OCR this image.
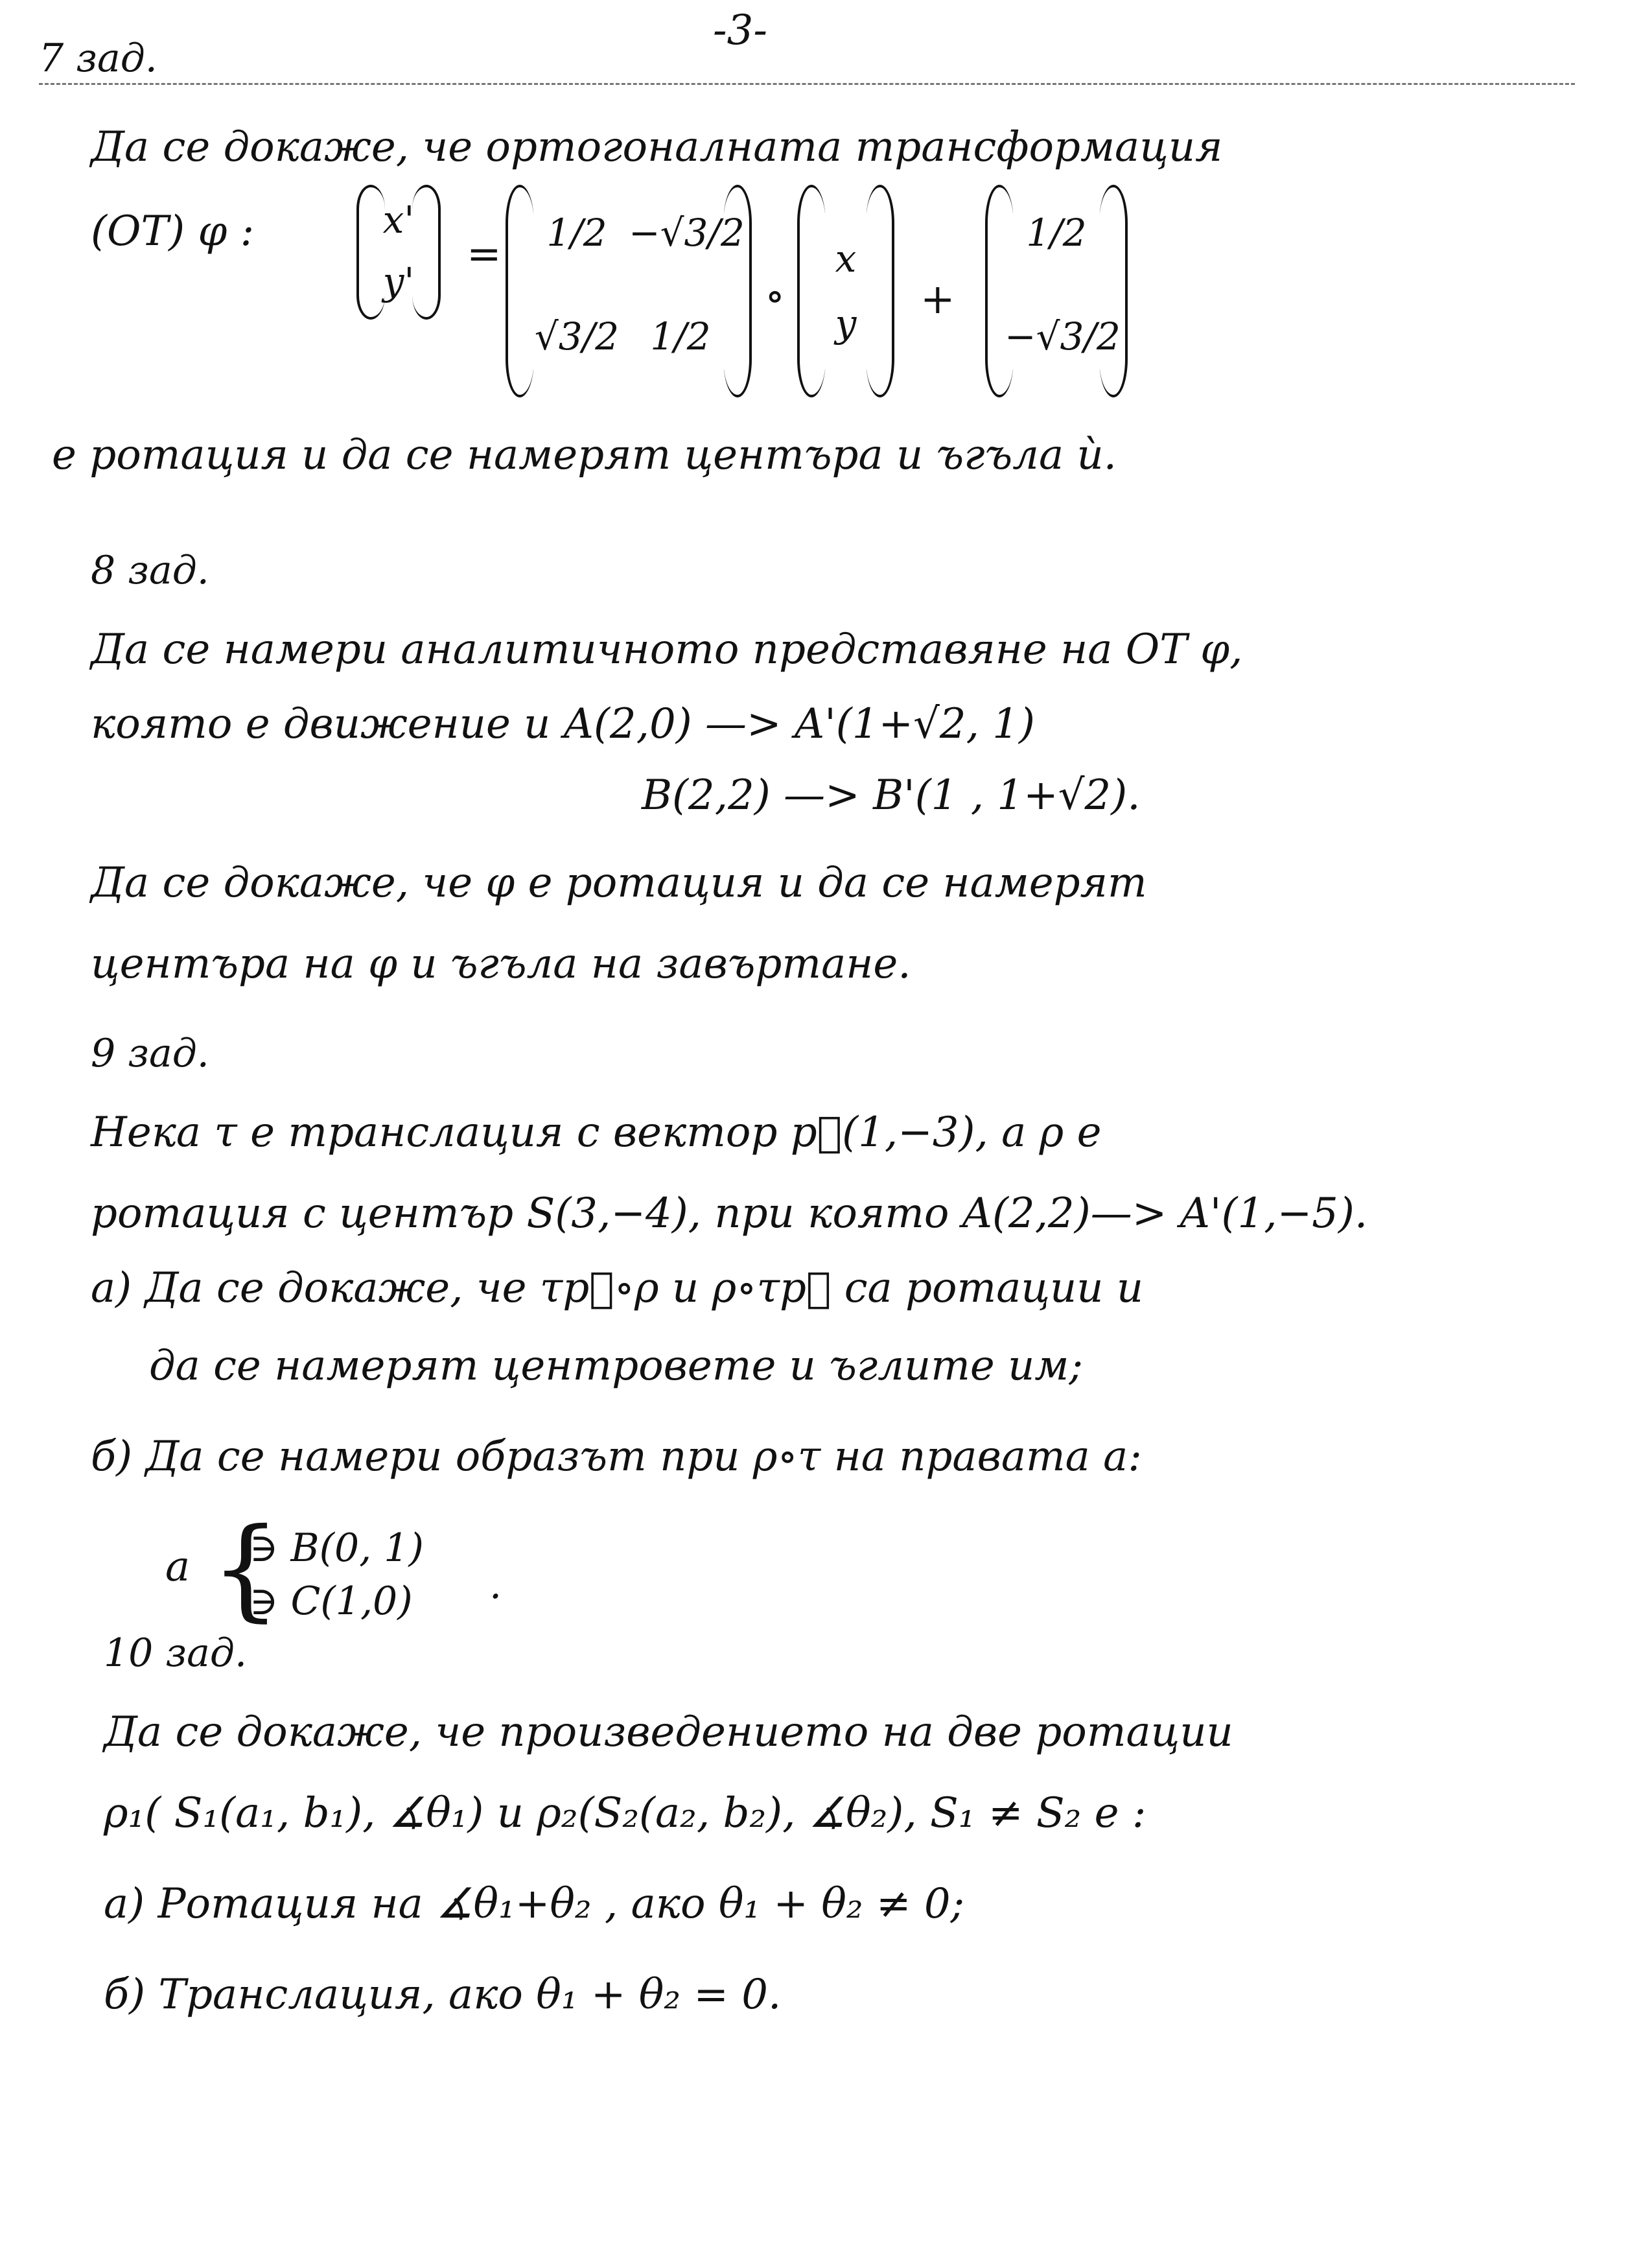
-3-
7 зад.
Да се докаже, че ортогоналната трансформация
(ОТ) φ :	x'
y'
=	1/2 −√3/2
√3/2 1/2
∘
x
y	+
1/2
−√3/2
е ротация и да се намерят центъра и ъгъла ѝ.
8 зад.
Да се намери аналитичното представяне на ОТ φ,
която е движение и A(2,0) —> A'(1+√2, 1)
B(2,2) —> B'(1 , 1+√2).
Да се докаже, че φ е ротация и да се намерят
центъра на φ и ъгъла на завъртане.
9 зад.
Нека τ е транслация с вектор p⃗(1,−3), а ρ е
ротация с център S(3,−4), при която A(2,2)—> A'(1,−5).
а) Да се докаже, че τp⃗∘ρ и ρ∘τp⃗ са ротации и
да се намерят центровете и ъглите им;
б) Да се намери образът при ρ∘τ на правата a:
a {
∋ B(0, 1)
∋ C(1,0) .
10 зад.
Да се докаже, че произведението на две ротации
ρ₁( S₁(a₁, b₁), ∡θ₁) и ρ₂(S₂(a₂, b₂), ∡θ₂), S₁ ≠ S₂ е :
а) Ротация на ∡θ₁+θ₂ , ако θ₁ + θ₂ ≠ 0;
б) Транслация, ако θ₁ + θ₂ = 0.
